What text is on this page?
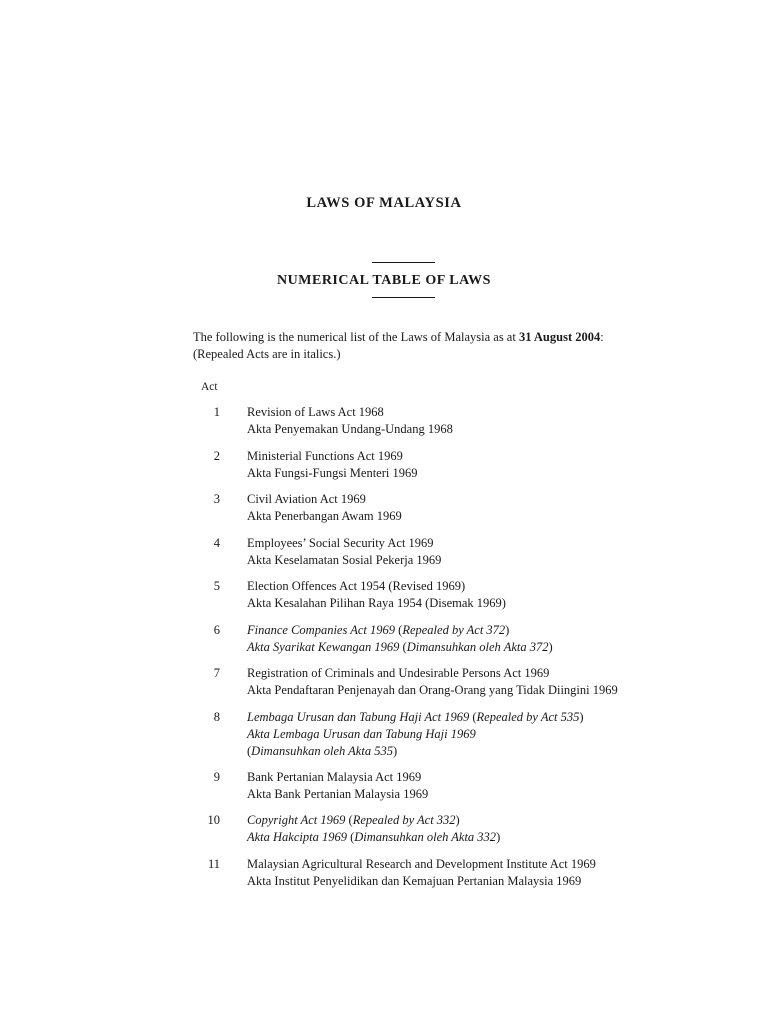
LAWS OF MALAYSIA
NUMERICAL TABLE OF LAWS
The following is the numerical list of the Laws of Malaysia as at 31 August 2004:
(Repealed Acts are in italics.)
Act
1 Revision of Laws Act 1968
Akta Penyemakan Undang-Undang 1968
2 Ministerial Functions Act 1969
Akta Fungsi-Fungsi Menteri 1969
3 Civil Aviation Act 1969
Akta Penerbangan Awam 1969
4 Employees’ Social Security Act 1969
Akta Keselamatan Sosial Pekerja 1969
5 Election Offences Act 1954 (Revised 1969)
Akta Kesalahan Pilihan Raya 1954 (Disemak 1969)
6 Finance Companies Act 1969 (Repealed by Act 372)
Akta Syarikat Kewangan 1969 (Dimansuhkan oleh Akta 372)
7 Registration of Criminals and Undesirable Persons Act 1969
Akta Pendaftaran Penjenayah dan Orang-Orang yang Tidak Diingini 1969
8 Lembaga Urusan dan Tabung Haji Act 1969 (Repealed by Act 535)
Akta Lembaga Urusan dan Tabung Haji 1969
(Dimansuhkan oleh Akta 535)
9 Bank Pertanian Malaysia Act 1969
Akta Bank Pertanian Malaysia 1969
10 Copyright Act 1969 (Repealed by Act 332)
Akta Hakcipta 1969 (Dimansuhkan oleh Akta 332)
11 Malaysian Agricultural Research and Development Institute Act 1969
Akta Institut Penyelidikan dan Kemajuan Pertanian Malaysia 1969
